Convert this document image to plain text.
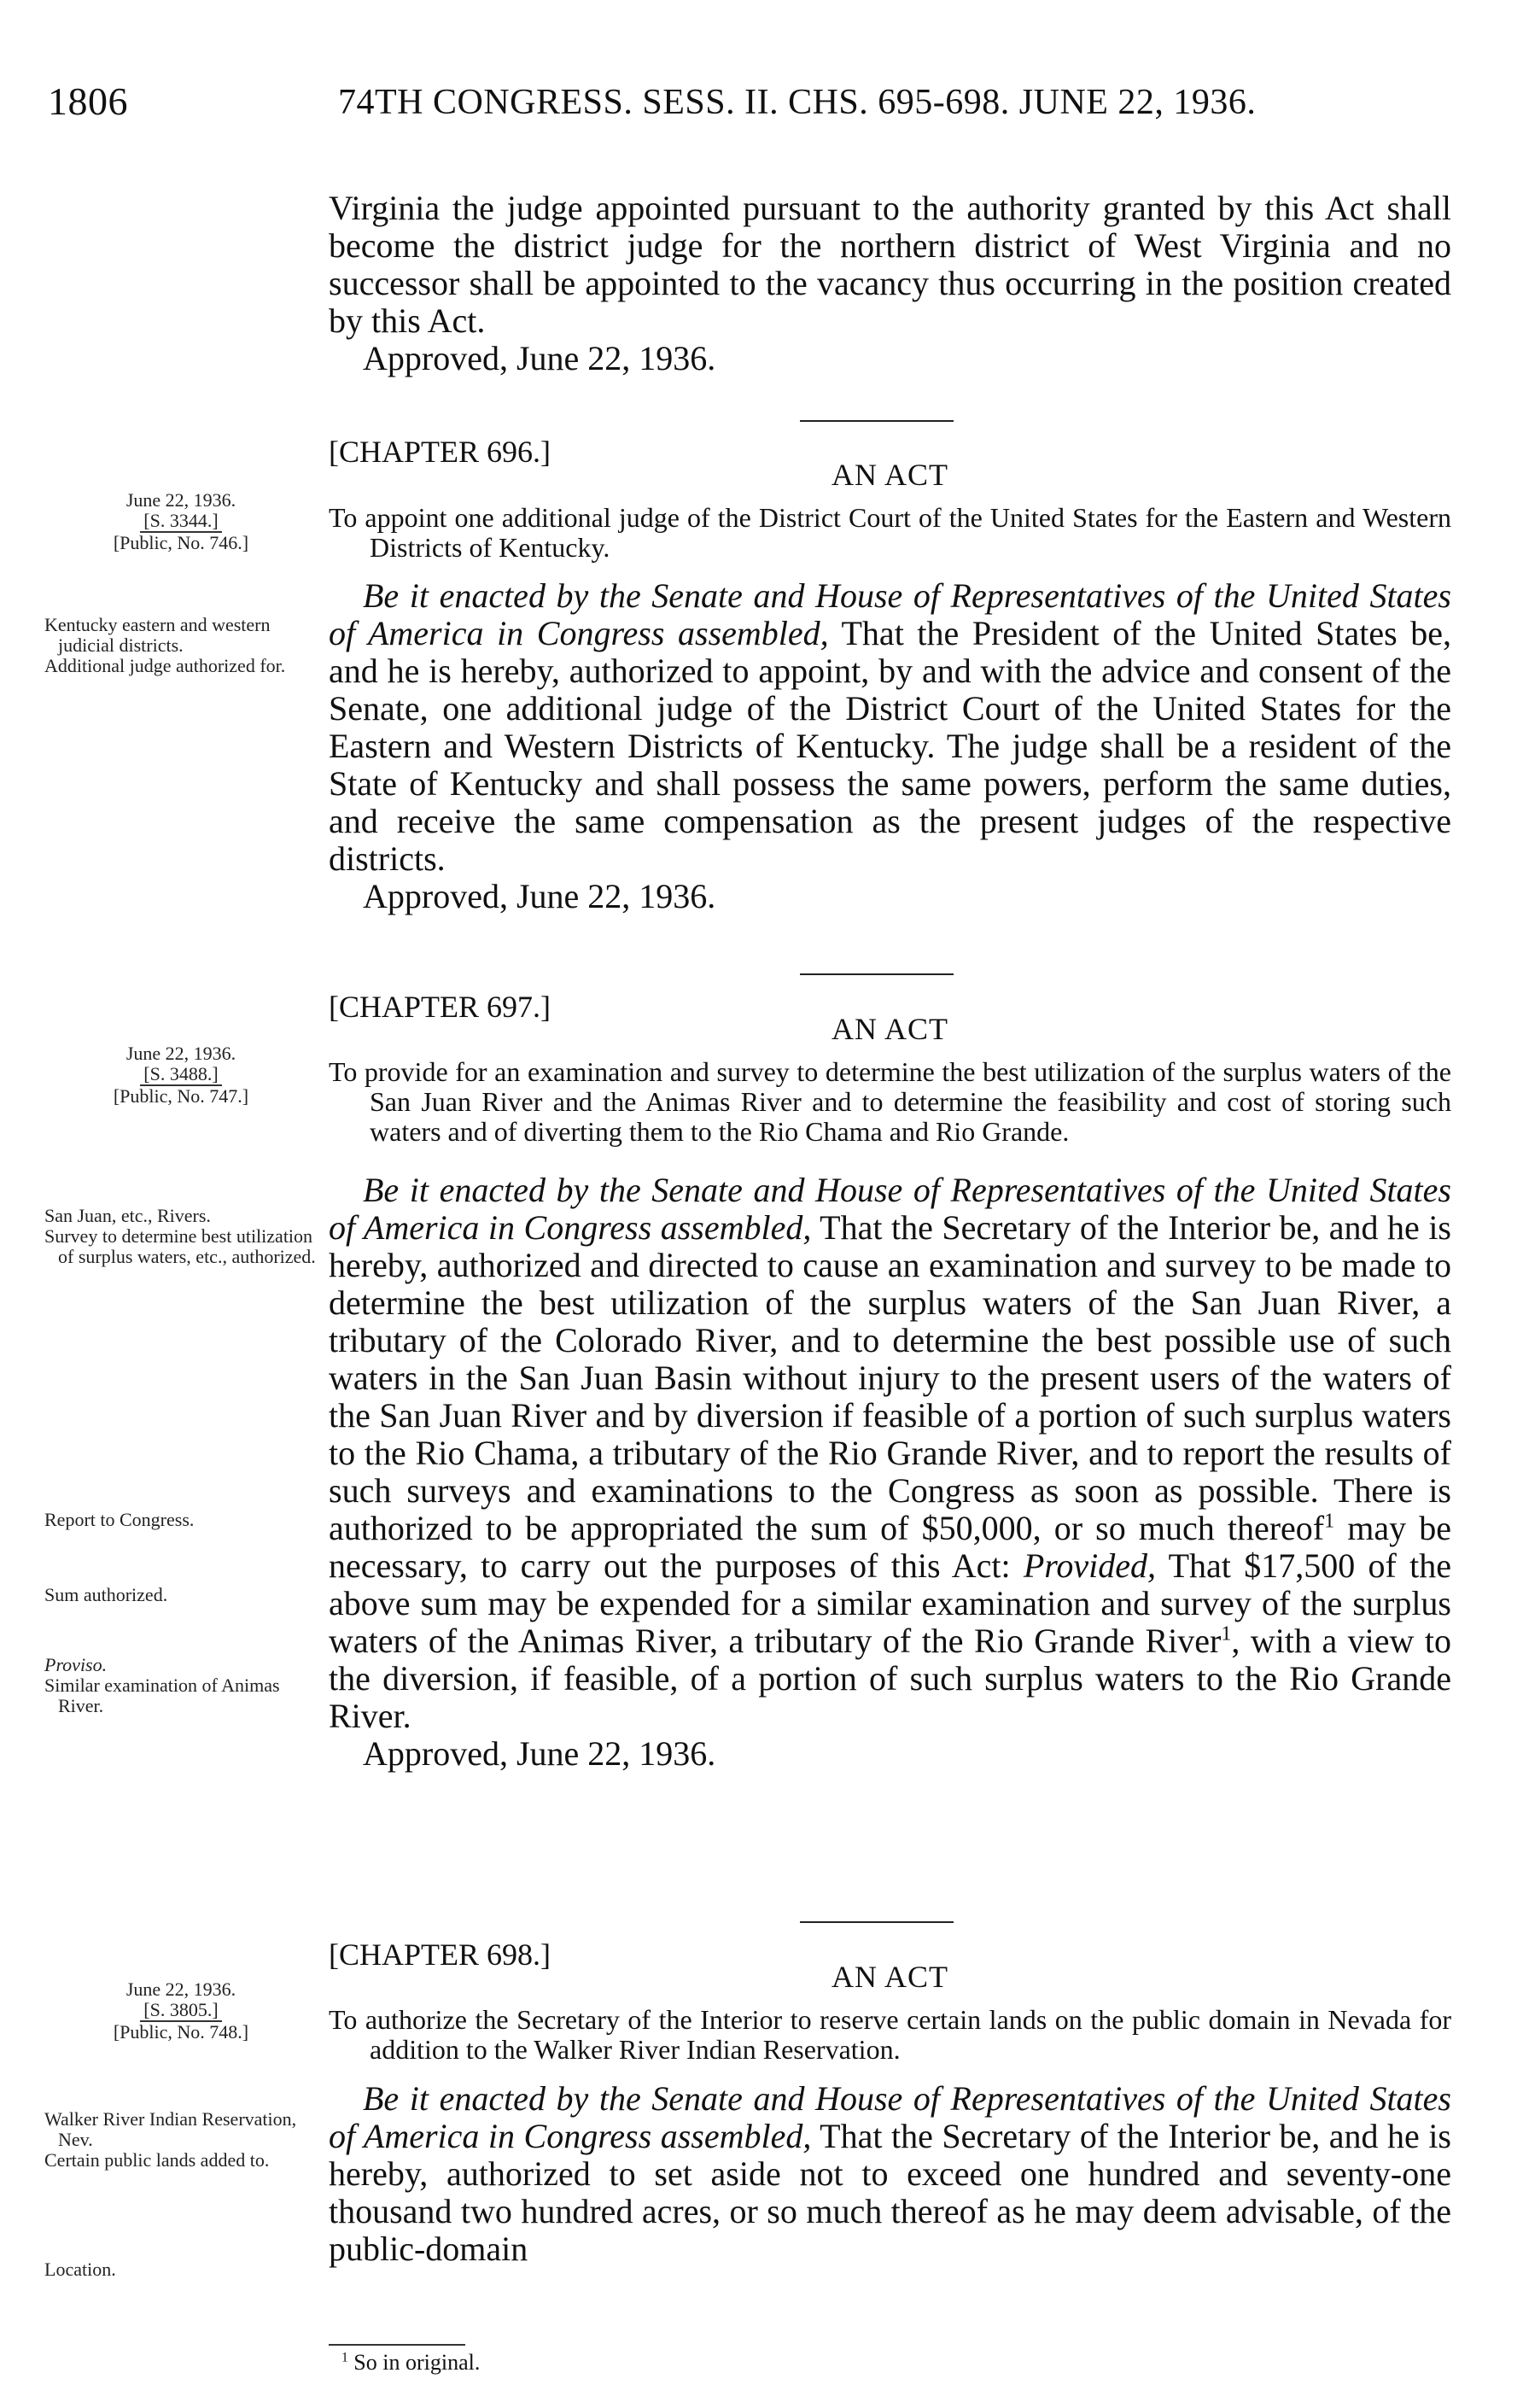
1806	74TH CONGRESS. SESS. II. CHS. 695-698. JUNE 22, 1936.

Virginia the judge appointed pursuant to the authority granted by this Act shall become the district judge for the northern district of West Virginia and no successor shall be appointed to the vacancy thus occurring in the position created by this Act.

Approved, June 22, 1936.

[CHAPTER 696.]

AN ACT
To appoint one additional judge of the District Court of the United States for the Eastern and Western Districts of Kentucky.
June 22, 1936.
[S. 3344.]
[Public, No. 746.]
Kentucky eastern and western judicial districts.
Additional judge authorized for.

Be it enacted by the Senate and House of Representatives of the United States of America in Congress assembled, That the President of the United States be, and he is hereby, authorized to appoint, by and with the advice and consent of the Senate, one additional judge of the District Court of the United States for the Eastern and Western Districts of Kentucky. The judge shall be a resident of the State of Kentucky and shall possess the same powers, perform the same duties, and receive the same compensation as the present judges of the respective districts.

Approved, June 22, 1936.

[CHAPTER 697.]

AN ACT
To provide for an examination and survey to determine the best utilization of the surplus waters of the San Juan River and the Animas River and to determine the feasibility and cost of storing such waters and of diverting them to the Rio Chama and Rio Grande.
June 22, 1936.
[S. 3488.]
[Public, No. 747.]
San Juan, etc., Rivers.
Survey to determine best utilization of surplus waters, etc., authorized.
Report to Congress.
Sum authorized.
Proviso.
Similar examination of Animas River.

Be it enacted by the Senate and House of Representatives of the United States of America in Congress assembled, That the Secretary of the Interior be, and he is hereby, authorized and directed to cause an examination and survey to be made to determine the best utilization of the surplus waters of the San Juan River, a tributary of the Colorado River, and to determine the best possible use of such waters in the San Juan Basin without injury to the present users of the waters of the San Juan River and by diversion if feasible of a portion of such surplus waters to the Rio Chama, a tributary of the Rio Grande River, and to report the results of such surveys and examinations to the Congress as soon as possible. There is authorized to be appropriated the sum of $50,000, or so much thereof$^1$ may be necessary, to carry out the purposes of this Act: Provided, That $17,500 of the above sum may be expended for a similar examination and survey of the surplus waters of the Animas River, a tributary of the Rio Grande River$^1$, with a view to the diversion, if feasible, of a portion of such surplus waters to the Rio Grande River.

Approved, June 22, 1936.

[CHAPTER 698.]

AN ACT
To authorize the Secretary of the Interior to reserve certain lands on the public domain in Nevada for addition to the Walker River Indian Reservation.
June 22, 1936.
[S. 3805.]
[Public, No. 748.]
Walker River Indian Reservation, Nev.
Certain public lands added to.
Location.

Be it enacted by the Senate and House of Representatives of the United States of America in Congress assembled, That the Secretary of the Interior be, and he is hereby, authorized to set aside not to exceed one hundred and seventy-one thousand two hundred acres, or so much thereof as he may deem advisable, of the public-domain

$^1$ So in original.
